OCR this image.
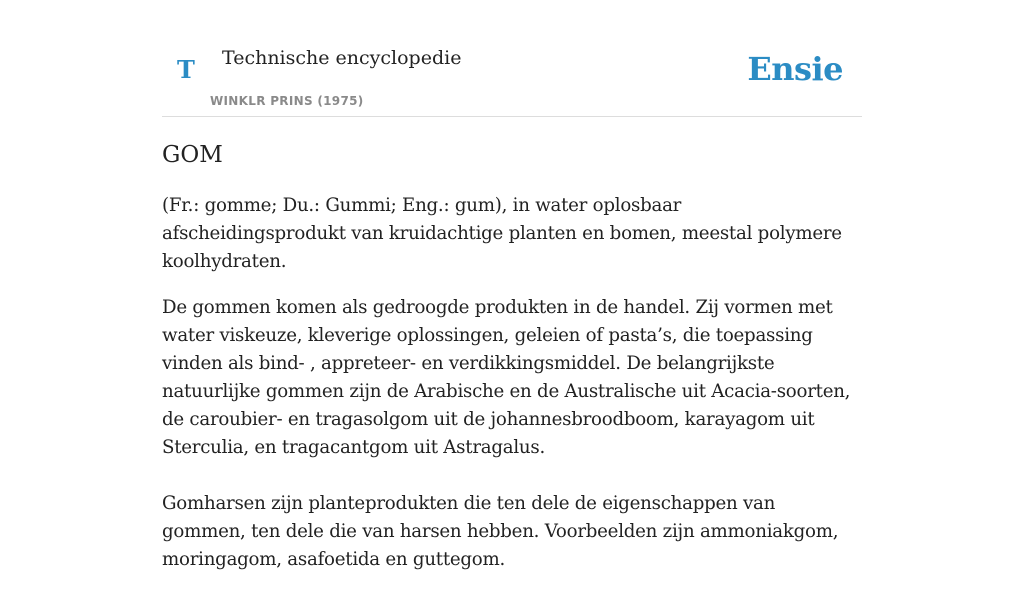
T Technische encyclopedie
WINKLR PRINS (1975)
Ensie
GOM

(Fr.: gomme; Du.: Gummi; Eng.: gum), in water oplosbaar afscheidingsprodukt van kruidachtige planten en bomen, meestal polymere koolhydraten.

De gommen komen als gedroogde produkten in de handel. Zij vormen met water viskeuze, kleverige oplossingen, geleien of pasta’s, die toepassing vinden als bind- , appreteer- en verdikkingsmiddel. De belangrijkste natuurlijke gommen zijn de Arabische en de Australische uit Acacia-soorten, de caroubier- en tragasolgom uit de johannesbroodboom, karayagom uit Sterculia, en tragacantgom uit Astragalus.

Gomharsen zijn planteprodukten die ten dele de eigenschappen van gommen, ten dele die van harsen hebben. Voorbeelden zijn ammoniakgom, moringagom, asafoetida en guttegom.
